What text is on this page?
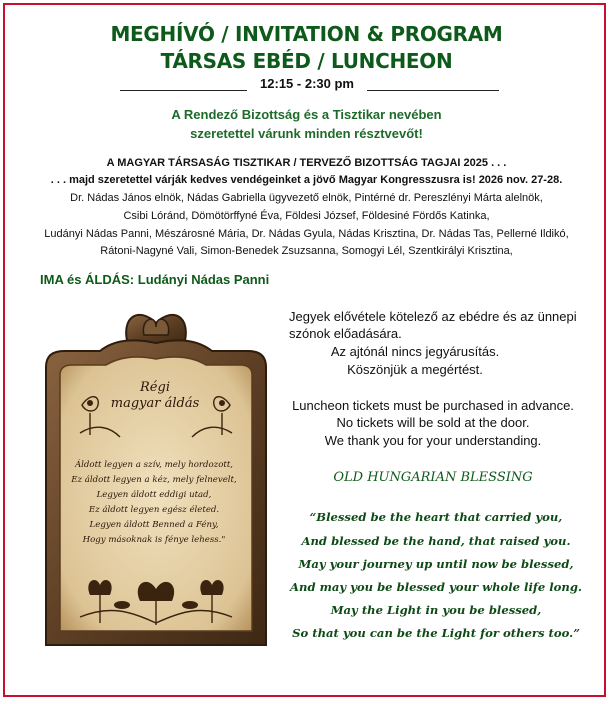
MEGHÍVÓ / INVITATION & PROGRAM
TÁRSAS EBÉD / LUNCHEON
12:15 - 2:30 pm
A Rendező Bizottság és a Tisztikar nevében
szeretettel várunk minden résztvevőt!
A MAGYAR TÁRSASÁG TISZTIKAR / TERVEZŐ BIZOTTSÁG TAGJAI 2025 . . .
. . . majd szeretettel várják kedves vendégeinket a jövő Magyar Kongresszusra is! 2026 nov. 27-28.
Dr. Nádas János elnök, Nádas Gabriella ügyvezető elnök, Pintérné dr. Pereszlényi Márta alelnök,
Csibi Lóránd, Dömötörffyné Éva, Földesi József, Földesiné Fördős Katinka,
Ludányi Nádas Panni, Mészárosné Mária, Dr. Nádas Gyula, Nádas Krisztina, Dr. Nádas Tas, Pellerné Ildikó,
Rátoni-Nagyné Vali, Simon-Benedek Zsuzsanna, Somogyi Lél, Szentkirályi Krisztina,
IMA és ÁLDÁS: Ludányi Nádas Panni
Régi
magyar áldás
Áldott legyen a szív, mely hordozott,
Ez áldott legyen a kéz, mely felnevelt,
Legyen áldott eddigi utad,
Ez áldott legyen egész életed.
Legyen áldott Benned a Fény,
Hogy másoknak is fénye lehess."
Jegyek elővétele kötelező az ebédre és az ünnepi
szónok előadására.
Az ajtónál nincs jegyárusítás.
Köszönjük a megértést.
Luncheon tickets must be purchased in advance.
No tickets will be sold at the door.
We thank you for your understanding.
OLD HUNGARIAN BLESSING
“Blessed be the heart that carried you,
And blessed be the hand, that raised you.
May your journey up until now be blessed,
And may you be blessed your whole life long.
May the Light in you be blessed,
So that you can be the Light for others too.”
